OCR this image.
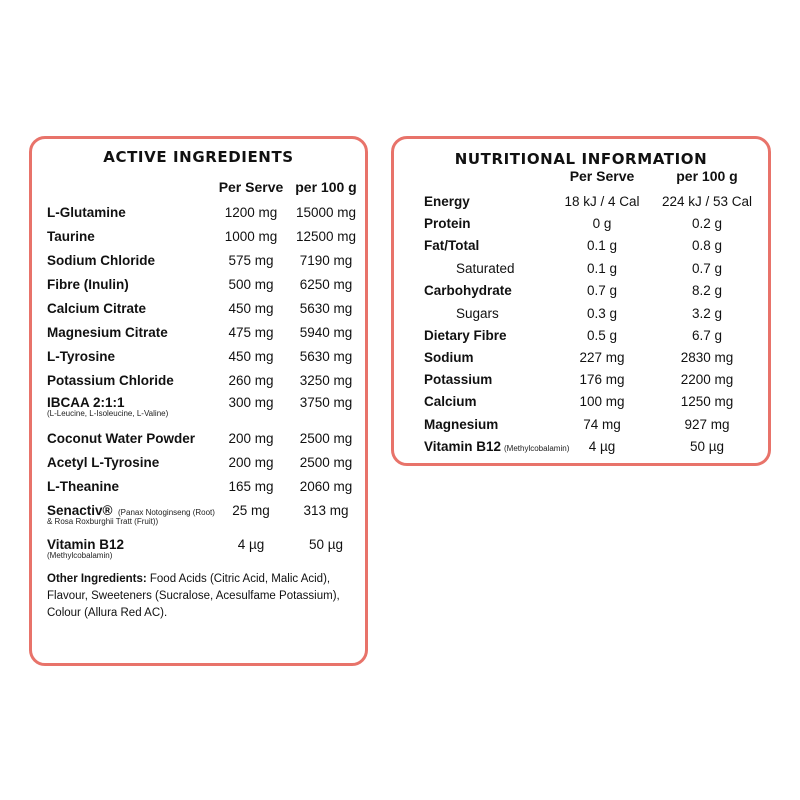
ACTIVE INGREDIENTS
Per Serve per 100 g
L-Glutamine	1200 mg	15000 mg
Taurine	1000 mg	12500 mg
Sodium Chloride	575 mg	7190 mg
Fibre (Inulin)	500 mg	6250 mg
Calcium Citrate	450 mg	5630 mg
Magnesium Citrate	475 mg	5940 mg
L-Tyrosine	450 mg	5630 mg
Potassium Chloride	260 mg	3250 mg
IBCAA 2:1:1
(L-Leucine, L-Isoleucine, L-Valine)
300 mg	3750 mg
Coconut Water Powder	200 mg	2500 mg
Acetyl L-Tyrosine	200 mg	2500 mg
L-Theanine	165 mg	2060 mg
Senactiv® (Panax Notoginseng (Root)
& Rosa Roxburghii Tratt (Fruit))
25 mg	313 mg
Vitamin B12
(Methylcobalamin)
4 µg	50 µg
Other Ingredients: Food Acids (Citric Acid, Malic Acid), Flavour, Sweeteners (Sucralose, Acesulfame Potassium), Colour (Allura Red AC).
NUTRITIONAL INFORMATION
Per Serve	per 100 g
Energy	18 kJ / 4 Cal	224 kJ / 53 Cal
Protein	0 g	0.2 g
Fat/Total	0.1 g	0.8 g
Saturated	0.1 g	0.7 g
Carbohydrate	0.7 g	8.2 g
Sugars	0.3 g	3.2 g
Dietary Fibre	0.5 g	6.7 g
Sodium	227 mg	2830 mg
Potassium	176 mg	2200 mg
Calcium	100 mg	1250 mg
Magnesium	74 mg	927 mg
Vitamin B12 (Methylcobalamin)	4 µg	50 µg
